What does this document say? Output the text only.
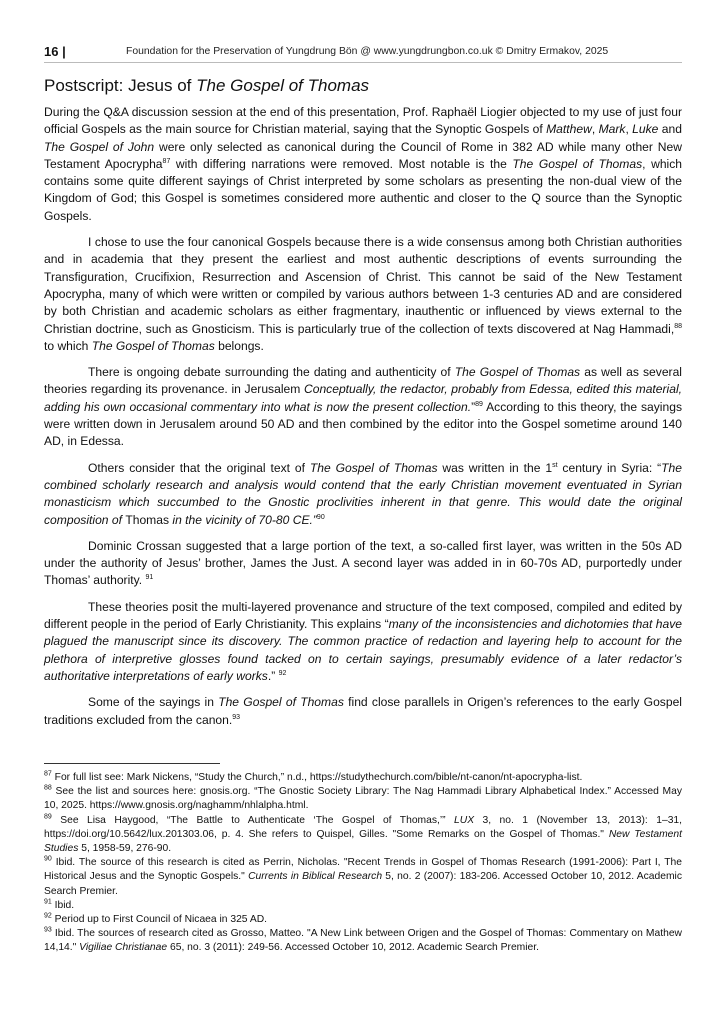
16 |	Foundation for the Preservation of Yungdrung Bön @ www.yungdrungbon.co.uk © Dmitry Ermakov, 2025
Postscript: Jesus of The Gospel of Thomas

During the Q&A discussion session at the end of this presentation, Prof. Raphaël Liogier objected to my use of just four official Gospels as the main source for Christian material, saying that the Synoptic Gospels of Matthew, Mark, Luke and The Gospel of John were only selected as canonical during the Council of Rome in 382 AD while many other New Testament Apocrypha$^{87}$ with differing narrations were removed. Most notable is the The Gospel of Thomas, which contains some quite different sayings of Christ interpreted by some scholars as presenting the non-dual view of the Kingdom of God; this Gospel is sometimes considered more authentic and closer to the Q source than the Synoptic Gospels.

I chose to use the four canonical Gospels because there is a wide consensus among both Christian authorities and in academia that they present the earliest and most authentic descriptions of events surrounding the Transfiguration, Crucifixion, Resurrection and Ascension of Christ. This cannot be said of the New Testament Apocrypha, many of which were written or compiled by various authors between 1-3 centuries AD and are considered by both Christian and academic scholars as either fragmentary, inauthentic or influenced by views external to the Christian doctrine, such as Gnosticism. This is particularly true of the collection of texts discovered at Nag Hammadi,$^{88}$ to which The Gospel of Thomas belongs.

There is ongoing debate surrounding the dating and authenticity of The Gospel of Thomas as well as several theories regarding its provenance. in Jerusalem Conceptually, the redactor, probably from Edessa, edited this material, adding his own occasional commentary into what is now the present collection.”$^{89}$ According to this theory, the sayings were written down in Jerusalem around 50 AD and then combined by the editor into the Gospel sometime around 140 AD, in Edessa.

Others consider that the original text of The Gospel of Thomas was written in the 1st century in Syria: “The combined scholarly research and analysis would contend that the early Christian movement eventuated in Syrian monasticism which succumbed to the Gnostic proclivities inherent in that genre. This would date the original composition of Thomas in the vicinity of 70-80 CE.”$^{90}$

Dominic Crossan suggested that a large portion of the text, a so-called first layer, was written in the 50s AD under the authority of Jesus’ brother, James the Just. A second layer was added in in 60-70s AD, purportedly under Thomas’ authority. $^{91}$

These theories posit the multi-layered provenance and structure of the text composed, compiled and edited by different people in the period of Early Christianity. This explains “many of the inconsistencies and dichotomies that have plagued the manuscript since its discovery. The common practice of redaction and layering help to account for the plethora of interpretive glosses found tacked on to certain sayings, presumably evidence of a later redactor’s authoritative interpretations of early works.” $^{92}$

Some of the sayings in The Gospel of Thomas find close parallels in Origen’s references to the early Gospel traditions excluded from the canon.$^{93}$

$^{87}$ For full list see: Mark Nickens, “Study the Church,” n.d., https://studythechurch.com/bible/nt-canon/nt-apocrypha-list.

$^{88}$ See the list and sources here: gnosis.org. “The Gnostic Society Library: The Nag Hammadi Library Alphabetical Index.” Accessed May 10, 2025. https://www.gnosis.org/naghamm/nhlalpha.html.

$^{89}$ See Lisa Haygood, “The Battle to Authenticate ‘The Gospel of Thomas,’” LUX 3, no. 1 (November 13, 2013): 1–31, https://doi.org/10.5642/lux.201303.06, p. 4. She refers to Quispel, Gilles. "Some Remarks on the Gospel of Thomas." New Testament Studies 5, 1958-59, 276-90.

$^{90}$ Ibid. The source of this research is cited as Perrin, Nicholas. "Recent Trends in Gospel of Thomas Research (1991-2006): Part I, The Historical Jesus and the Synoptic Gospels." Currents in Biblical Research 5, no. 2 (2007): 183-206. Accessed October 10, 2012. Academic Search Premier.

$^{91}$ Ibid.

$^{92}$ Period up to First Council of Nicaea in 325 AD.

$^{93}$ Ibid. The sources of research cited as Grosso, Matteo. "A New Link between Origen and the Gospel of Thomas: Commentary on Mathew 14,14." Vigiliae Christianae 65, no. 3 (2011): 249-56. Accessed October 10, 2012. Academic Search Premier.
